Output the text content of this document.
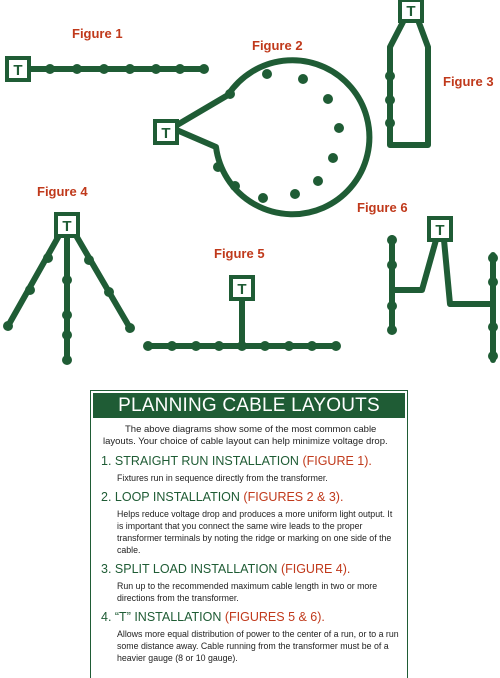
T
T
T
T
T
T
Figure 1
Figure 2
Figure 3
Figure 4
Figure 5
Figure 6
PLANNING CABLE LAYOUTS
The above diagrams show some of the most common cable layouts. Your choice of cable layout can help minimize voltage drop.
1. STRAIGHT RUN INSTALLATION (FIGURE 1).
Fixtures run in sequence directly from the transformer.
2. LOOP INSTALLATION (FIGURES 2 & 3).
Helps reduce voltage drop and produces a more uniform light output. It is important that you connect the same wire leads to the proper transformer terminals by noting the ridge or marking on one side of the cable.
3. SPLIT LOAD INSTALLATION (FIGURE 4).
Run up to the recommended maximum cable length in two or more directions from the transformer.
4. “T” INSTALLATION (FIGURES 5 & 6).
Allows more equal distribution of power to the center of a run, or to a run some distance away. Cable running from the transformer must be of a heavier gauge (8 or 10 gauge).
